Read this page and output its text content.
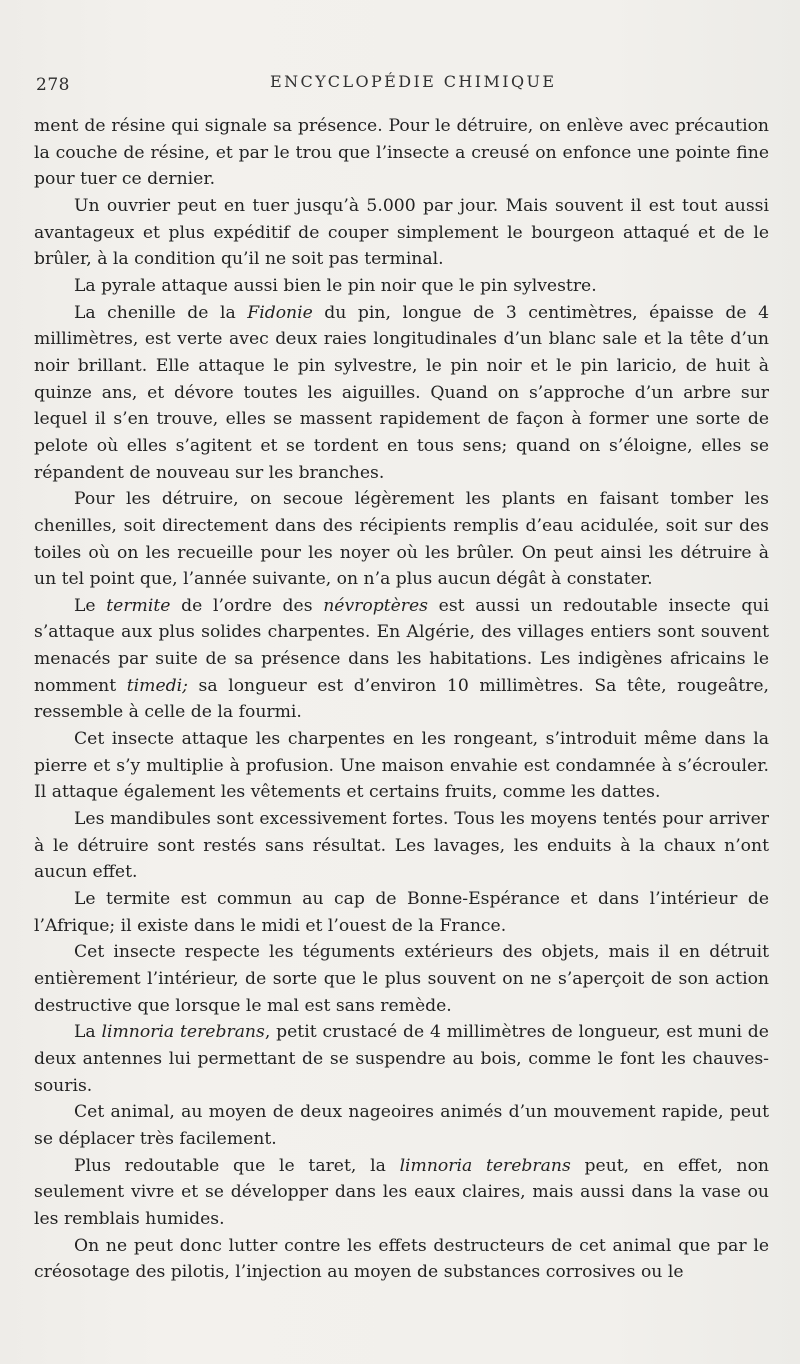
278	ENCYCLOPÉDIE CHIMIQUE

ment de résine qui signale sa présence. Pour le détruire, on enlève avec précaution la couche de résine, et par le trou que l’insecte a creusé on enfonce une pointe fine pour tuer ce dernier.

Un ouvrier peut en tuer jusqu’à 5.000 par jour. Mais souvent il est tout aussi avantageux et plus expéditif de couper simplement le bourgeon attaqué et de le brûler, à la condition qu’il ne soit pas terminal.

La pyrale attaque aussi bien le pin noir que le pin sylvestre.

La chenille de la Fidonie du pin, longue de 3 centimètres, épaisse de 4 millimètres, est verte avec deux raies longitudinales d’un blanc sale et la tête d’un noir brillant. Elle attaque le pin sylvestre, le pin noir et le pin laricio, de huit à quinze ans, et dévore toutes les aiguilles. Quand on s’approche d’un arbre sur lequel il s’en trouve, elles se massent rapidement de façon à former une sorte de pelote où elles s’agitent et se tordent en tous sens; quand on s’éloigne, elles se répandent de nouveau sur les branches.

Pour les détruire, on secoue légèrement les plants en faisant tomber les chenilles, soit directement dans des récipients remplis d’eau acidulée, soit sur des toiles où on les recueille pour les noyer où les brûler. On peut ainsi les détruire à un tel point que, l’année suivante, on n’a plus aucun dégât à constater.

Le termite de l’ordre des névroptères est aussi un redoutable insecte qui s’attaque aux plus solides charpentes. En Algérie, des villages entiers sont souvent menacés par suite de sa présence dans les habitations. Les indigènes africains le nomment timedi; sa longueur est d’environ 10 millimètres. Sa tête, rougeâtre, ressemble à celle de la fourmi.

Cet insecte attaque les charpentes en les rongeant, s’introduit même dans la pierre et s’y multiplie à profusion. Une maison envahie est condamnée à s’écrouler. Il attaque également les vêtements et certains fruits, comme les dattes.

Les mandibules sont excessivement fortes. Tous les moyens tentés pour arriver à le détruire sont restés sans résultat. Les lavages, les enduits à la chaux n’ont aucun effet.

Le termite est commun au cap de Bonne-Espérance et dans l’intérieur de l’Afrique; il existe dans le midi et l’ouest de la France.

Cet insecte respecte les téguments extérieurs des objets, mais il en détruit entièrement l’intérieur, de sorte que le plus souvent on ne s’aperçoit de son action destructive que lorsque le mal est sans remède.

La limnoria terebrans, petit crustacé de 4 millimètres de longueur, est muni de deux antennes lui permettant de se suspendre au bois, comme le font les chauves-souris.

Cet animal, au moyen de deux nageoires animés d’un mouvement rapide, peut se déplacer très facilement.

Plus redoutable que le taret, la limnoria terebrans peut, en effet, non seulement vivre et se développer dans les eaux claires, mais aussi dans la vase ou les remblais humides.

On ne peut donc lutter contre les effets destructeurs de cet animal que par le créosotage des pilotis, l’injection au moyen de substances corrosives ou le
